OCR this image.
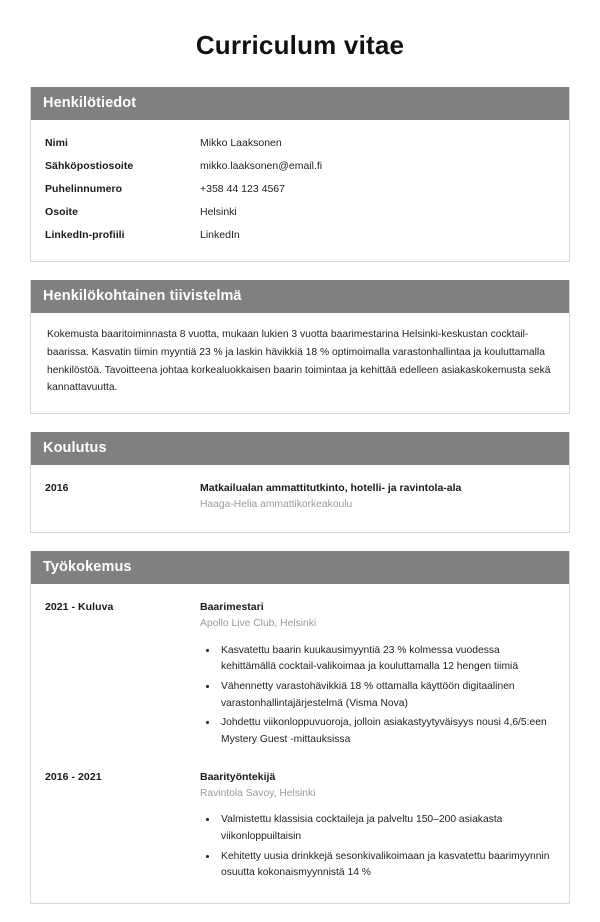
Curriculum vitae
Henkilötiedot
Nimi	Mikko Laaksonen
Sähköpostiosoite	mikko.laaksonen@email.fi
Puhelinnumero	+358 44 123 4567
Osoite	Helsinki
LinkedIn-profiili	LinkedIn
Henkilökohtainen tiivistelmä

Kokemusta baaritoiminnasta 8 vuotta, mukaan lukien 3 vuotta baarimestarina Helsinki-keskustan cocktail-baarissa. Kasvatin tiimin myyntiä 23 % ja laskin hävikkiä 18 % optimoimalla varastonhallintaa ja kouluttamalla henkilöstöä. Tavoitteena johtaa korkealuokkaisen baarin toimintaa ja kehittää edelleen asiakaskokemusta sekä kannattavuutta.

Koulutus
2016	Matkailualan ammattitutkinto, hotelli- ja ravintola-ala
Haaga-Helia ammattikorkeakoulu
Työkokemus
2021 - Kuluva	Baarimestari
Apollo Live Club, Helsinki
• Kasvatettu baarin kuukausimyyntiä 23 % kolmessa vuodessa kehittämällä cocktail-valikoimaa ja kouluttamalla 12 hengen tiimiä
• Vähennetty varastohävikkiä 18 % ottamalla käyttöön digitaalinen varastonhallintajärjestelmä (Visma Nova)
• Johdettu viikonloppuvuoroja, jolloin asiakastyytyväisyys nousi 4,6/5:een Mystery Guest -mittauksissa
2016 - 2021	Baarityöntekijä
Ravintola Savoy, Helsinki
• Valmistettu klassisia cocktaileja ja palveltu 150–200 asiakasta viikonloppuiltaisin
• Kehitetty uusia drinkkejä sesonkivalikoimaan ja kasvatettu baarimyynnin osuutta kokonaismyynnistä 14 %
